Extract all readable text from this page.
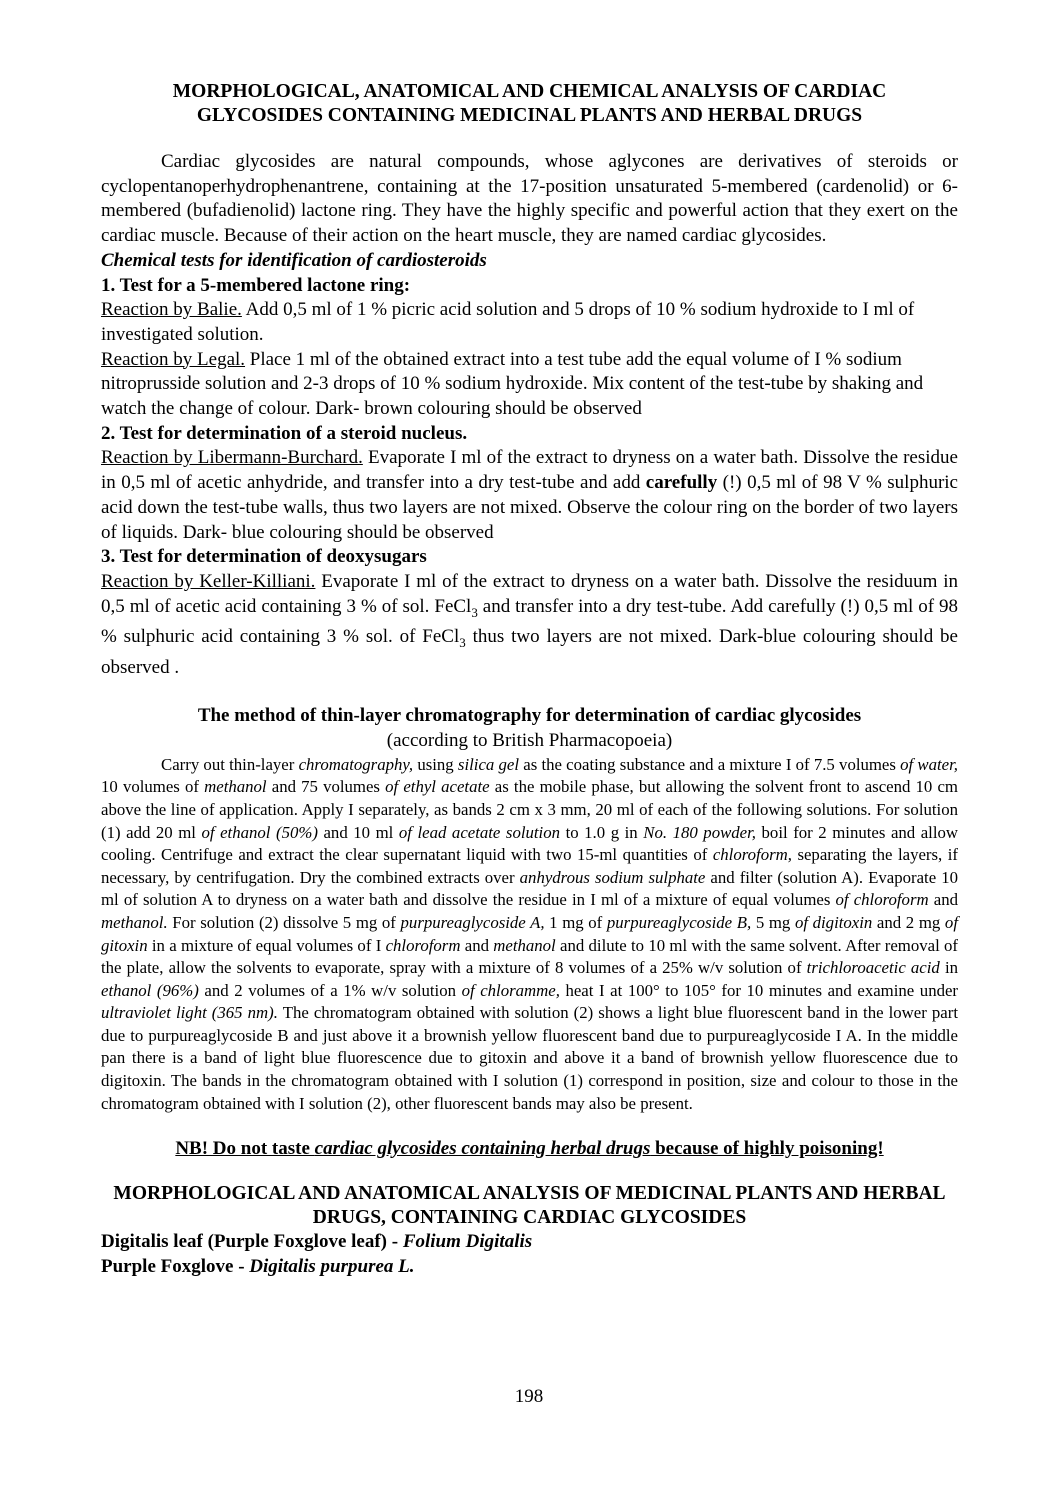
MORPHOLOGICAL, ANATOMICAL AND CHEMICAL ANALYSIS OF CARDIAC GLYCOSIDES CONTAINING MEDICINAL PLANTS AND HERBAL DRUGS

Cardiac glycosides are natural compounds, whose aglycones are derivatives of steroids or cyclopentanoperhydrophenantrene, containing at the 17-position unsaturated 5-membered (cardenolid) or 6-membered (bufadienolid) lactone ring. They have the highly specific and powerful action that they exert on the cardiac muscle. Because of their action on the heart muscle, they are named cardiac glycosides.

Chemical tests for identification of cardiosteroids

1. Test for a 5-membered lactone ring:

Reaction by Balie. Add 0,5 ml of 1 % picric acid solution and 5 drops of 10 % sodium hydroxide to I ml of investigated solution.

Reaction by Legal. Place 1 ml of the obtained extract into a test tube add the equal volume of I % sodium nitroprusside solution and 2-3 drops of 10 % sodium hydroxide. Mix content of the test-tube by shaking and watch the change of colour. Dark- brown colouring should be observed

2. Test for determination of a steroid nucleus.

Reaction by Libermann-Burchard. Evaporate I ml of the extract to dryness on a water bath. Dissolve the residue in 0,5 ml of acetic anhydride, and transfer into a dry test-tube and add carefully (!) 0,5 ml of 98 V % sulphuric acid down the test-tube walls, thus two layers are not mixed. Observe the colour ring on the border of two layers of liquids. Dark- blue colouring should be observed

3. Test for determination of deoxysugars

Reaction by Keller-Killiani. Evaporate I ml of the extract to dryness on a water bath. Dissolve the residuum in 0,5 ml of acetic acid containing 3 % of sol. FeCl$_3$ and transfer into a dry test-tube. Add carefully (!) 0,5 ml of 98 % sulphuric acid containing 3 % sol. of FeCl$_3$ thus two layers are not mixed. Dark-blue colouring should be observed .

The method of thin-layer chromatography for determination of cardiac glycosides

(according to British Pharmacopoeia)

Carry out thin-layer chromatography, using silica gel as the coating substance and a mixture I of 7.5 volumes of water, 10 volumes of methanol and 75 volumes of ethyl acetate as the mobile phase, but allowing the solvent front to ascend 10 cm above the line of application. Apply I separately, as bands 2 cm x 3 mm, 20 ml of each of the following solutions. For solution (1) add 20 ml of ethanol (50%) and 10 ml of lead acetate solution to 1.0 g in No. 180 powder, boil for 2 minutes and allow cooling. Centrifuge and extract the clear supernatant liquid with two 15-ml quantities of chloroform, separating the layers, if necessary, by centrifugation. Dry the combined extracts over anhydrous sodium sulphate and filter (solution A). Evaporate 10 ml of solution A to dryness on a water bath and dissolve the residue in I ml of a mixture of equal volumes of chloroform and methanol. For solution (2) dissolve 5 mg of purpureaglycoside A, 1 mg of purpureaglycoside B, 5 mg of digitoxin and 2 mg of gitoxin in a mixture of equal volumes of I chloroform and methanol and dilute to 10 ml with the same solvent. After removal of the plate, allow the solvents to evaporate, spray with a mixture of 8 volumes of a 25% w/v solution of trichloroacetic acid in ethanol (96%) and 2 volumes of a 1% w/v solution of chloramme, heat I at 100° to 105° for 10 minutes and examine under ultraviolet light (365 nm). The chromatogram obtained with solution (2) shows a light blue fluorescent band in the lower part due to purpureaglycoside B and just above it a brownish yellow fluorescent band due to purpureaglycoside I A. In the middle pan there is a band of light blue fluorescence due to gitoxin and above it a band of brownish yellow fluorescence due to digitoxin. The bands in the chromatogram obtained with I solution (1) correspond in position, size and colour to those in the chromatogram obtained with I solution (2), other fluorescent bands may also be present.

NB! Do not taste cardiac glycosides containing herbal drugs because of highly poisoning!

MORPHOLOGICAL AND ANATOMICAL ANALYSIS OF MEDICINAL PLANTS AND HERBAL DRUGS, CONTAINING CARDIAC GLYCOSIDES

Digitalis leaf (Purple Foxglove leaf) - Folium Digitalis

Purple Foxglove - Digitalis purpurea L.

198
